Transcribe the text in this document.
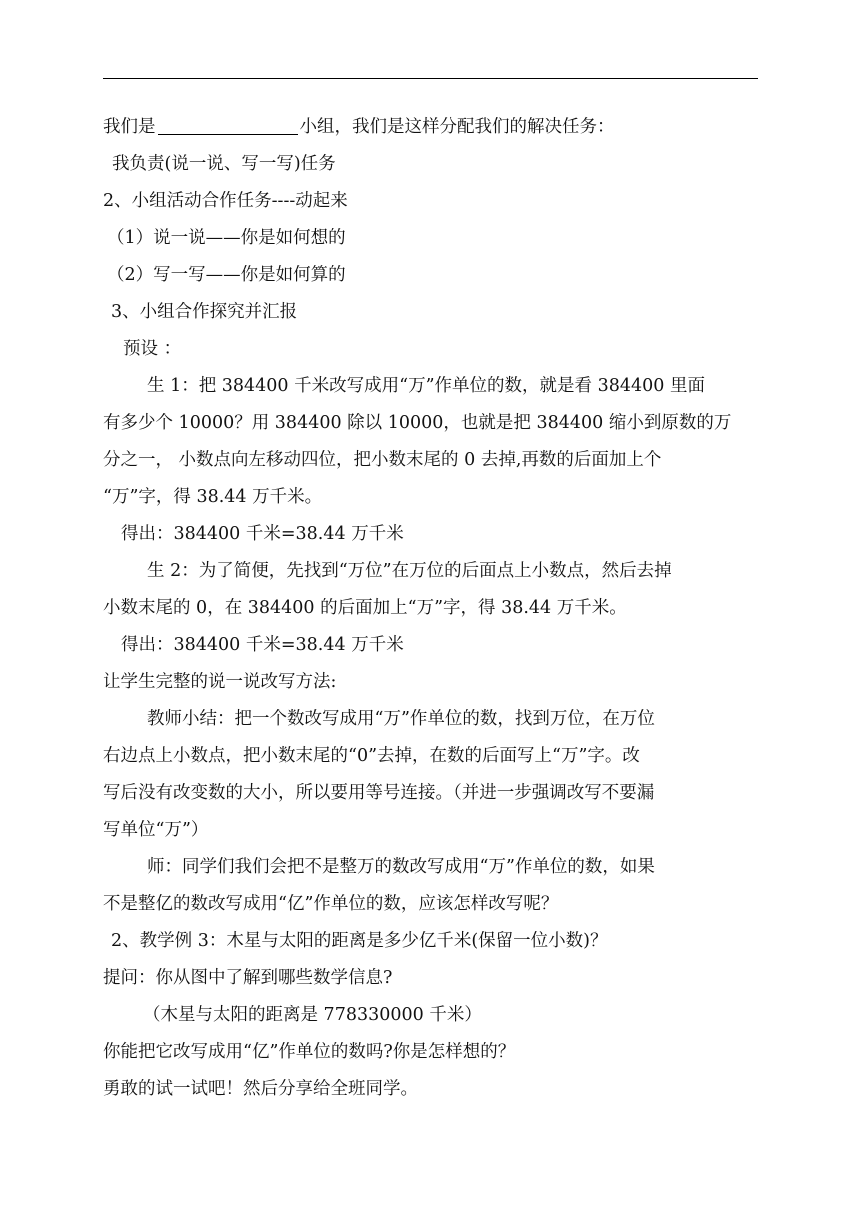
我们是	小组，我们是这样分配我们的解决任务：
我负责(说一说、写一写)任务
2、小组活动合作任务----动起来
（1）说一说——你是如何想的
（2）写一写——你是如何算的
3、小组合作探究并汇报
预设 ：
生 1：把 384400 千米改写成用“万”作单位的数，就是看 384400 里面
有多少个 10000？用 384400 除以 10000，也就是把 384400 缩小到原数的万
分之一， 小数点向左移动四位，把小数末尾的 0 去掉,再数的后面加上个
“万”字，得 38.44 万千米。
得出：384400 千米=38.44 万千米
生 2：为了简便，先找到“万位”在万位的后面点上小数点，然后去掉
小数末尾的 0，在 384400 的后面加上“万”字，得 38.44 万千米。
得出：384400 千米=38.44 万千米
让学生完整的说一说改写方法:
教师小结：把一个数改写成用“万”作单位的数，找到万位，在万位
右边点上小数点，把小数末尾的“0”去掉，在数的后面写上“万”字。改
写后没有改变数的大小，所以要用等号连接。（并进一步强调改写不要漏
写单位“万”）
师：同学们我们会把不是整万的数改写成用“万”作单位的数，如果
不是整亿的数改写成用“亿”作单位的数，应该怎样改写呢？
2、教学例 3：木星与太阳的距离是多少亿千米(保留一位小数)？
提问：你从图中了解到哪些数学信息?
（木星与太阳的距离是 778330000 千米）
你能把它改写成用“亿”作单位的数吗?你是怎样想的？
勇敢的试一试吧！然后分享给全班同学。
